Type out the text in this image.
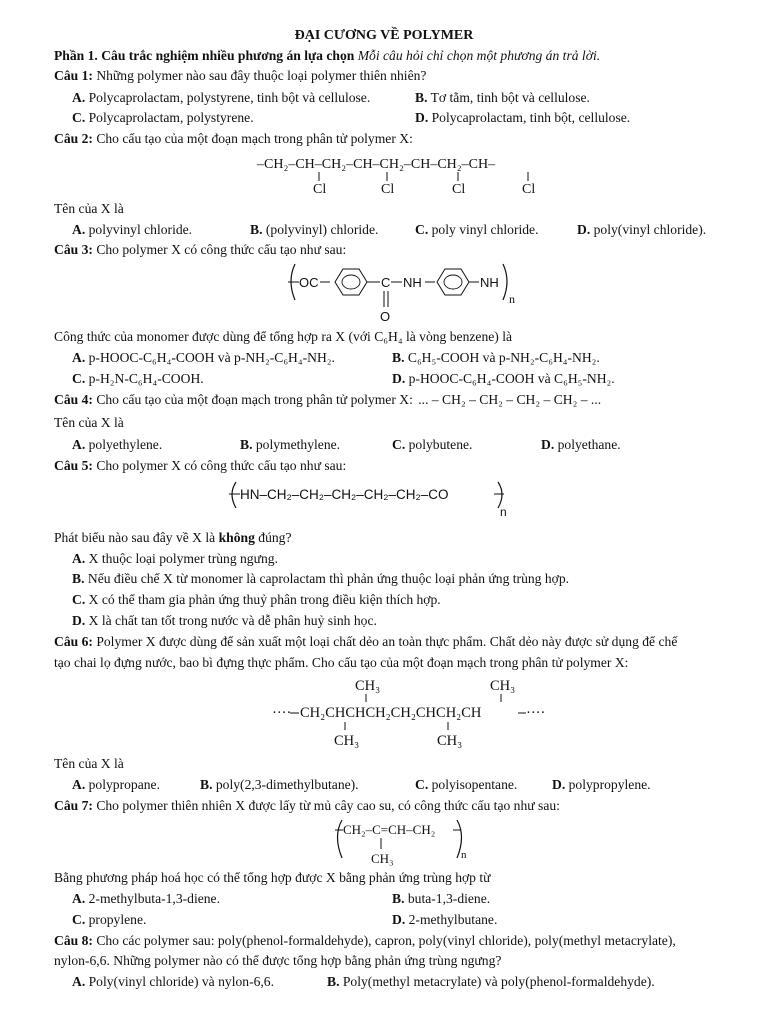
ĐẠI CƯƠNG VỀ POLYMER
Phần 1. Câu trắc nghiệm nhiều phương án lựa chọn Mỗi câu hỏi chỉ chọn một phương án trả lời.
Câu 1: Những polymer nào sau đây thuộc loại polymer thiên nhiên?
A. Polycaprolactam, polystyrene, tinh bột và cellulose.	B. Tơ tằm, tinh bột và cellulose.
C. Polycaprolactam, polystyrene.	D. Polycaprolactam, tinh bột, cellulose.
Câu 2: Cho cấu tạo của một đoạn mạch trong phân tử polymer X:
–CH₂–CH–CH₂–CH–CH₂–CH–CH₂–CH–
Cl	Cl	Cl	Cl
Tên của X là
A. polyvinyl chloride.	B. (polyvinyl) chloride.	C. poly vinyl chloride.	D. poly(vinyl chloride).
Câu 3: Cho polymer X có công thức cấu tạo như sau:
OC	C
O
NH	NH
n
Công thức của monomer được dùng để tổng hợp ra X (với C₆H₄ là vòng benzene) là
A. p-HOOC-C₆H₄-COOH và p-NH₂-C₆H₄-NH₂.	B. C₆H₅-COOH và p-NH₂-C₆H₄-NH₂.
C. p-H₂N-C₆H₄-COOH.	D. p-HOOC-C₆H₄-COOH và C₆H₅-NH₂.
Câu 4: Cho cấu tạo của một đoạn mạch trong phân tử polymer X: ... – CH₂ – CH₂ – CH₂ – CH₂ – ...
Tên của X là
A. polyethylene.	B. polymethylene.	C. polybutene.	D. polyethane.
Câu 5: Cho polymer X có công thức cấu tạo như sau:
HN–CH₂–CH₂–CH₂–CH₂–CH₂–CO
n
Phát biểu nào sau đây về X là không đúng?
A. X thuộc loại polymer trùng ngưng.
B. Nếu điều chế X từ monomer là caprolactam thì phản ứng thuộc loại phản ứng trùng hợp.
C. X có thể tham gia phản ứng thuỷ phân trong điều kiện thích hợp.
D. X là chất tan tốt trong nước và dễ phân huỷ sinh học.
Câu 6: Polymer X được dùng để sản xuất một loại chất dẻo an toàn thực phẩm. Chất dẻo này được sử dụng để chế
tạo chai lọ đựng nước, bao bì đựng thực phẩm. Cho cấu tạo của một đoạn mạch trong phân tử polymer X:
CH₃	CH₃
···· CH₂CHCHCH₂CH₂CHCH₂CH	····
CH₃	CH₃
Tên của X là
A. polypropane.	B. poly(2,3-dimethylbutane).	C. polyisopentane.	D. polypropylene.
Câu 7: Cho polymer thiên nhiên X được lấy từ mủ cây cao su, có công thức cấu tạo như sau:
CH₂–C=CH–CH₂
n
CH₃
Bằng phương pháp hoá học có thể tổng hợp được X bằng phản ứng trùng hợp từ
A. 2-methylbuta-1,3-diene.	B. buta-1,3-diene.
C. propylene.	D. 2-methylbutane.
Câu 8: Cho các polymer sau: poly(phenol-formaldehyde), capron, poly(vinyl chloride), poly(methyl metacrylate),
nylon-6,6. Những polymer nào có thể được tổng hợp bằng phản ứng trùng ngưng?
A. Poly(vinyl chloride) và nylon-6,6.	B. Poly(methyl metacrylate) và poly(phenol-formaldehyde).
